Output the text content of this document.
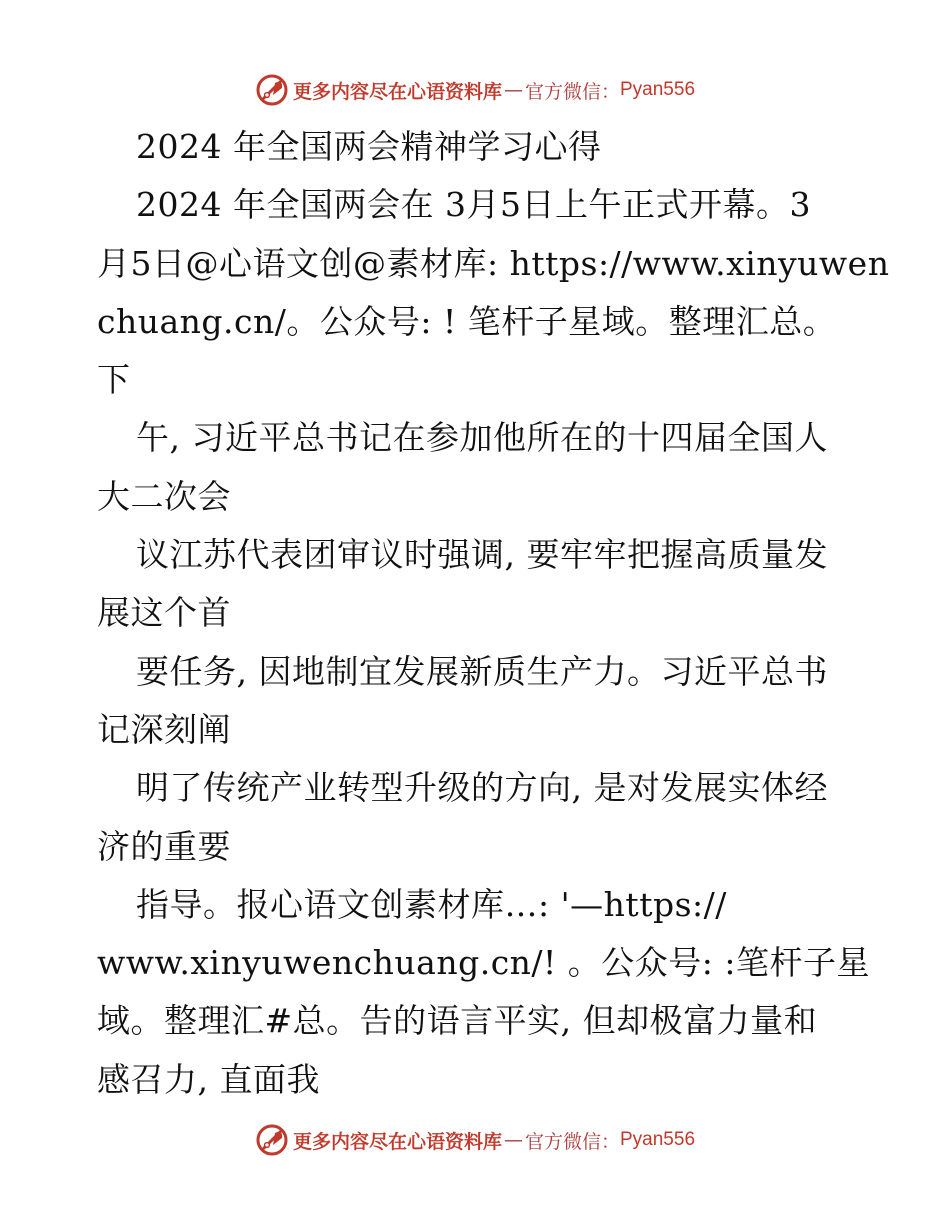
更多内容尽在心语资料库 — 官方微信： Pyan556
2024 年全国两会精神学习心得
2024 年全国两会在 3月5日上午正式开幕。3
月5日@心语文创@素材库: https://www.xinyuwen
chuang.cn/。公众号: ! 笔杆子星域。整理汇总。
下
午, 习近平总书记在参加他所在的十四届全国人
大二次会
议江苏代表团审议时强调, 要牢牢把握高质量发
展这个首
要任务, 因地制宜发展新质生产力。习近平总书
记深刻阐
明了传统产业转型升级的方向, 是对发展实体经
济的重要
指导。报心语文创素材库…: '—https://
www.xinyuwenchuang.cn/! 。公众号: :笔杆子星
域。整理汇#总。告的语言平实, 但却极富力量和
感召力, 直面我
更多内容尽在心语资料库 — 官方微信： Pyan556
